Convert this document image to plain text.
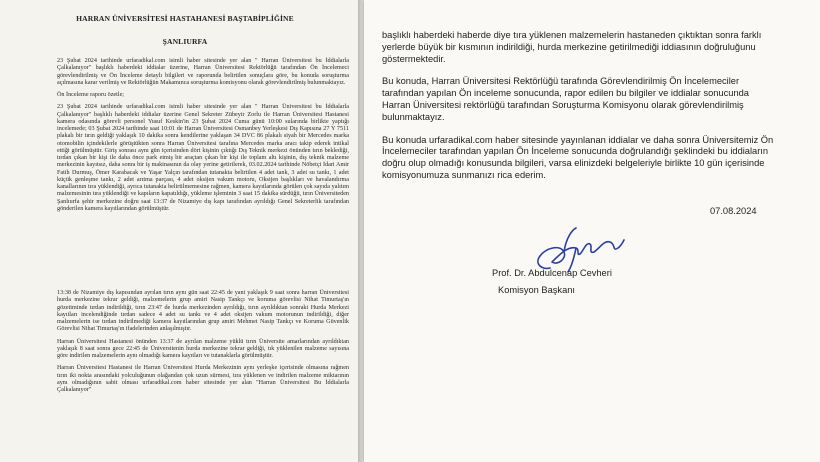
HARRAN ÜNİVERSİTESİ HASTAHANESİ BAŞTABİPLİĞİNE
ŞANLIURFA

23 Şubat 2024 tarihinde urfaradikal.com isimli haber sitesinde yer alan " Harran Üniversitesi bu İddialarla Çalkalanıyor" başlıklı haberdeki iddialar üzerine, Harran Üniversitesi Rektörlüğü tarafından Ön İncelemeci görevlendirilmiş ve Ön İnceleme detaylı bilgileri ve raporunda belirtilen sonuçlara göre, bu konuda soruşturma açılmasına karar verilmiş ve Rektörlüğün Makamınca soruşturma komisyonu olarak görevlendirilmiş bulunmaktayız.

Ön İnceleme raporu özetle;

23 Şubat 2024 tarihinde urfaradikal.com isimli haber sitesinde yer alan " Harran Üniversitesi bu İddialarla Çalkalanıyor" başlıklı haberdeki iddialar üzerine Genel Sekreter Zübeyir Zorlu ile Harran Üniversitesi Hastanesi kamera odasında görevli personel Yusuf Keskin'in 23 Şubat 2024 Cuma günü 10:00 sularında birlikte yaptığı incelemede; 03 Şubat 2024 tarihinde saat 10:01 de Harran Üniversitesi Osmanbey Yerleşkesi Dış Kapısına 27 Y 7511 plakalı bir tırın geldiği yaklaşık 10 dakika sonra kendilerine yaklaşan 34 DVC 86 plakalı siyah bir Mercedes marka otomobilin içindekilerle görüştükten sonra Harran Üniversitesi tarafına Mercedes marka aracı takip ederek intikal ettiği görülmüştür. Giriş sonrası aynı gün içerisinden dört kişinin çıktığı Dış Teknik merkezi önünden tırın beklediği, tırdan çıkan bir kişi ile daha önce park etmiş bir araçtan çıkan bir kişi ile toplam altı kişinin, dış teknik malzeme merkezinin kayıtsız, daha sonra bir iş makinasının da olay yerine getirilerek, 03.02.2024 tarihinde Nöbetçi İdari Amir Fatih Durmuş, Ömer Karabacak ve Yaşar Yalçın tarafından tutanakta belirtilen 4 adet tank, 3 adet su tankı, 1 adet küçük genleşme tankı, 2 adet arıtma parçası, 4 adet oksijen vakum motoru, Oksijen başlıkları ve havalandırma kanallarının tıra yüklendiği, ayrıca tutanakta belirtilmemesine rağmen, kamera kayıtlarında görülen çok sayıda yalıtım malzemesinin tıra yüklendiği ve kapıların kapatıldığı, yükleme işleminin 3 saat 15 dakika sürdüğü, tırın Üniversiteden Şanlıurfa şehir merkezine doğru saat 13:37 de Nizamiye dış kapı tarafından ayrıldığı Genel Sekreterlik tarafından gönderilen kamera kayıtlarından görülmüştür.

13:38 de Nizamiye dış kapısından ayrılan tırın aynı gün saat 22:45 de yani yaklaşık 9 saat sonra harran Üniversitesi hurda merkezine tekrar geldiği, malzemelerin grup amiri Nasip Tankçı ve koruma görevlisi Nihat Timurtaş'ın gözetiminde tırdan indirildiği, tırın 23:47 de hurda merkezinden ayrıldığı, tırın ayrıldıktan sonraki Hurda Merkezi kayıtları incelendiğinde tırdan sadece 4 adet su tankı ve 4 adet oksijen vakum motorunun indirildiği, diğer malzemelerin ise tırdan indirilmediği kamera kayıtlarından grup amiri Mehmet Nasip Tankçı ve Koruma Güvenlik Görevlisi Nihat Timurtaş'ın ifadelerinden anlaşılmıştır.

Harran Üniversitesi Hastanesi önünden 13:37 de ayrılan malzeme yüklü tırın Üniversite amarlarından ayrıldıktan yaklaşık 8 saat sonra gece 22:45 de Üniversitenin hurda merkezine tekrar geldiği, tık yüklenilen malzeme sayısına göre indirilen malzemelerin aynı olmadığı kamera kayıtları ve tutanaklarla görülmüştür.

Harran Üniversitesi Hastanesi ile Harran Üniversitesi Hurda Merkezinin aynı yerleşke içerisinde olmasına rağmen tırın iki nokta arasındaki yolculuğunun olağandan çok uzun sürmesi, tıra yüklenen ve indirilen malzeme miktarının aynı olmadığının sabit olması urfaradikal.com haber sitesinde yer alan "Harran Üniversitesi Bu İddialarla Çalkalanıyor"

başlıklı haberdeki haberde diye tıra yüklenen malzemelerin hastaneden çıktıktan sonra farklı yerlerde büyük bir kısmının indirildiği, hurda merkezine getirilmediği iddiasının doğruluğunu göstermektedir.

Bu konuda, Harran Üniversitesi Rektörlüğü tarafında Görevlendirilmiş Ön İncelemeciler tarafından yapılan Ön inceleme sonucunda, rapor edilen bu bilgiler ve iddialar sonucunda Harran Üniversitesi rektörlüğü tarafından Soruşturma Komisyonu olarak görevlendirilmiş bulunmaktayız.

Bu konuda urfaradikal.com haber sitesinde yayınlanan iddialar ve daha sonra Üniversitemiz Ön İncelemeciler tarafından yapılan Ön İnceleme sonucunda doğrulandığı şeklindeki bu iddiaların doğru olup olmadığı konusunda bilgileri, varsa elinizdeki belgeleriyle birlikte 10 gün içerisinde komisyonumuza sunmanızı rica ederim.

07.08.2024
Prof. Dr. Abdulcenap Cevheri
Komisyon Başkanı
